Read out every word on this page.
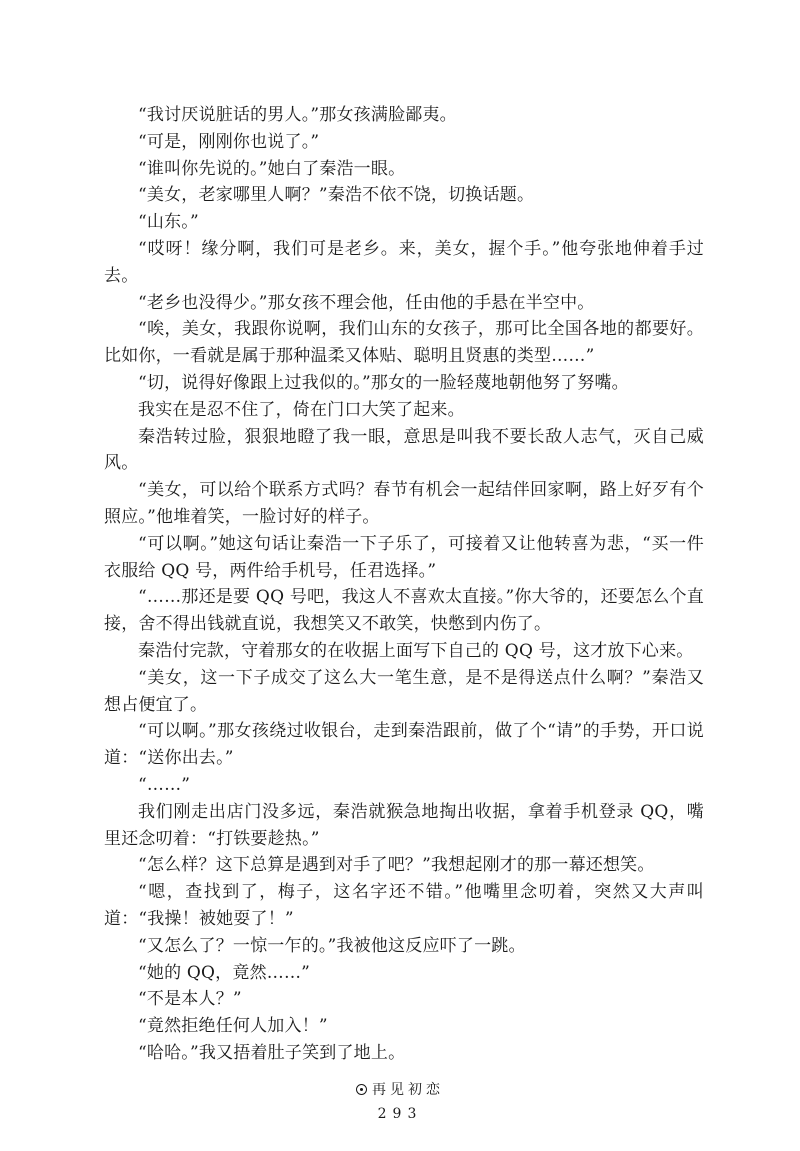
“我讨厌说脏话的男人。”那女孩满脸鄙夷。

“可是，刚刚你也说了。”

“谁叫你先说的。”她白了秦浩一眼。

“美女，老家哪里人啊？”秦浩不依不饶，切换话题。

“山东。”

“哎呀！缘分啊，我们可是老乡。来，美女，握个手。”他夸张地伸着手过去。

“老乡也没得少。”那女孩不理会他，任由他的手悬在半空中。

“唉，美女，我跟你说啊，我们山东的女孩子，那可比全国各地的都要好。比如你，一看就是属于那种温柔又体贴、聪明且贤惠的类型……”

“切，说得好像跟上过我似的。”那女的一脸轻蔑地朝他努了努嘴。

我实在是忍不住了，倚在门口大笑了起来。

秦浩转过脸，狠狠地瞪了我一眼，意思是叫我不要长敌人志气，灭自己威风。

“美女，可以给个联系方式吗？春节有机会一起结伴回家啊，路上好歹有个照应。”他堆着笑，一脸讨好的样子。

“可以啊。”她这句话让秦浩一下子乐了，可接着又让他转喜为悲，“买一件衣服给 QQ 号，两件给手机号，任君选择。”

“……那还是要 QQ 号吧，我这人不喜欢太直接。”你大爷的，还要怎么个直接，舍不得出钱就直说，我想笑又不敢笑，快憋到内伤了。

秦浩付完款，守着那女的在收据上面写下自己的 QQ 号，这才放下心来。

“美女，这一下子成交了这么大一笔生意，是不是得送点什么啊？”秦浩又想占便宜了。

“可以啊。”那女孩绕过收银台，走到秦浩跟前，做了个“请”的手势，开口说道：“送你出去。”

“……”

我们刚走出店门没多远，秦浩就猴急地掏出收据，拿着手机登录 QQ，嘴里还念叨着：“打铁要趁热。”

“怎么样？这下总算是遇到对手了吧？”我想起刚才的那一幕还想笑。

“嗯，查找到了，梅子，这名字还不错。”他嘴里念叨着，突然又大声叫道：“我操！被她耍了！”

“又怎么了？一惊一乍的。”我被他这反应吓了一跳。

“她的 QQ，竟然……”

“不是本人？”

“竟然拒绝任何人加入！”

“哈哈。”我又捂着肚子笑到了地上。

再见初恋
293
